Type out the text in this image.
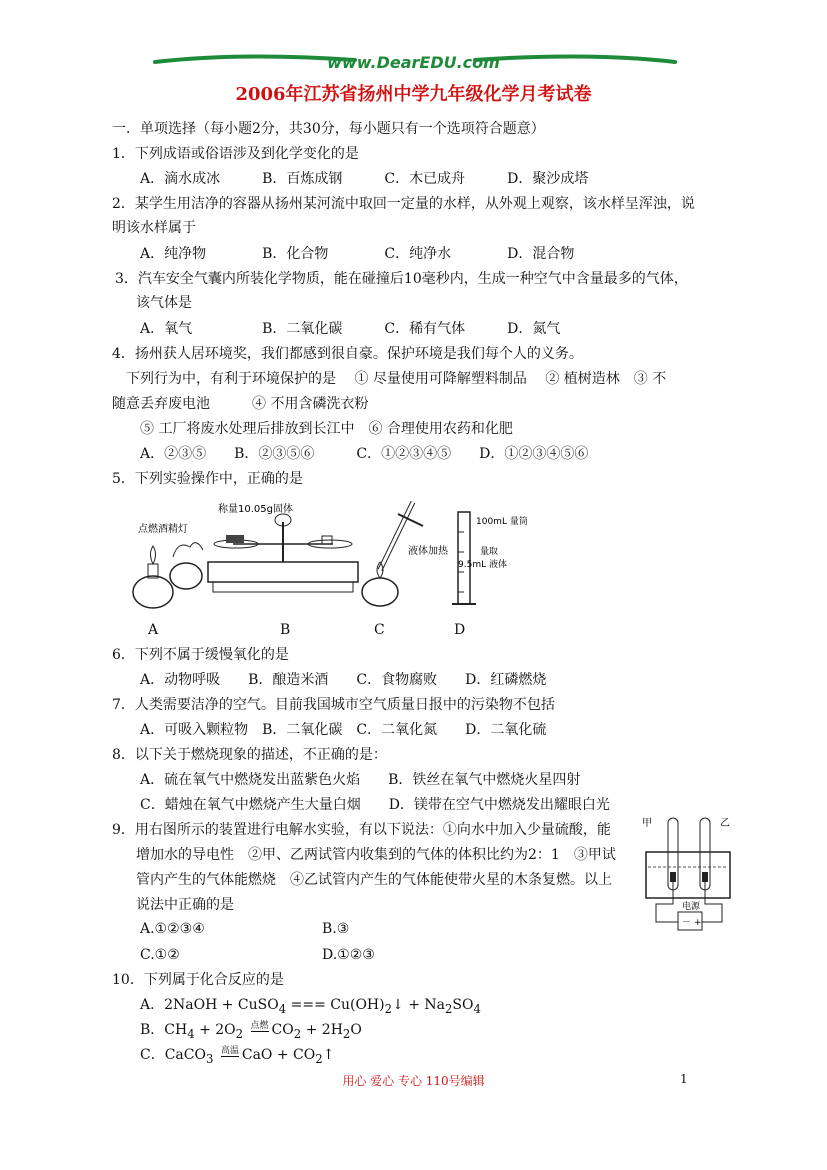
www.DearEDU.com
2006年江苏省扬州中学九年级化学月考试卷
一．单项选择（每小题2分，共30分，每小题只有一个选项符合题意）
1．下列成语或俗语涉及到化学变化的是
A．滴水成冰　　　B．百炼成钢　　　C．木已成舟　　　D．聚沙成塔
2．某学生用洁净的容器从扬州某河流中取回一定量的水样，从外观上观察，该水样呈浑浊，说
明该水样属于
A．纯净物　　　　B．化合物　　　　C．纯净水　　　　D．混合物
3．汽车安全气囊内所装化学物质，能在碰撞后10毫秒内，生成一种空气中含量最多的气体，
该气体是
A．氧气　　　　　B．二氧化碳　　　C．稀有气体　　　D．氮气
4．扬州获人居环境奖，我们都感到很自豪。保护环境是我们每个人的义务。
下列行为中，有利于环境保护的是　 ① 尽量使用可降解塑料制品　 ② 植树造林　③ 不
随意丢弃废电池　　　④ 不用含磷洗衣粉
⑤ 工厂将废水处理后排放到长江中　⑥ 合理使用农药和化肥
A．②③⑤　　B．②③⑤⑥　　　C．①②③④⑤　　D．①②③④⑤⑥
5．下列实验操作中，正确的是
6．下列不属于缓慢氧化的是
A．动物呼吸　　B．酿造米酒　　C．食物腐败　　D．红磷燃烧
7．人类需要洁净的空气。目前我国城市空气质量日报中的污染物不包括
A．可吸入颗粒物　B．二氧化碳　C．二氧化氮　　D．二氧化硫
8．以下关于燃烧现象的描述，不正确的是：
A．硫在氧气中燃烧发出蓝紫色火焰　　B．铁丝在氧气中燃烧火星四射
C．蜡烛在氧气中燃烧产生大量白烟　　D．镁带在空气中燃烧发出耀眼白光
9．用右图所示的装置进行电解水实验，有以下说法：①向水中加入少量硫酸，能
增加水的导电性　②甲、乙两试管内收集到的气体的体积比约为2：1　③甲试
管内产生的气体能燃烧　④乙试管内产生的气体能使带火星的木条复燃。以上
说法中正确的是
A.①②③④	B.③
C.①②	D.①②③
10．下列属于化合反应的是
点燃酒精灯
称量10.05g固体
液体加热
100mL 量筒
量取
9.5mL 液体
A	B	C	D
甲	乙
电源
－ +
A．2NaOH + CuSO$_4$ === $Cu(OH)_2↓ + Na_2SO_4$
B．$CH_4 + 2O_2$ 点燃 $CO_2 + 2H_2O$
C．CaCO$_3$ 高温 CaO + $CO_2↑$
用心 爱心 专心 110号编辑	1
